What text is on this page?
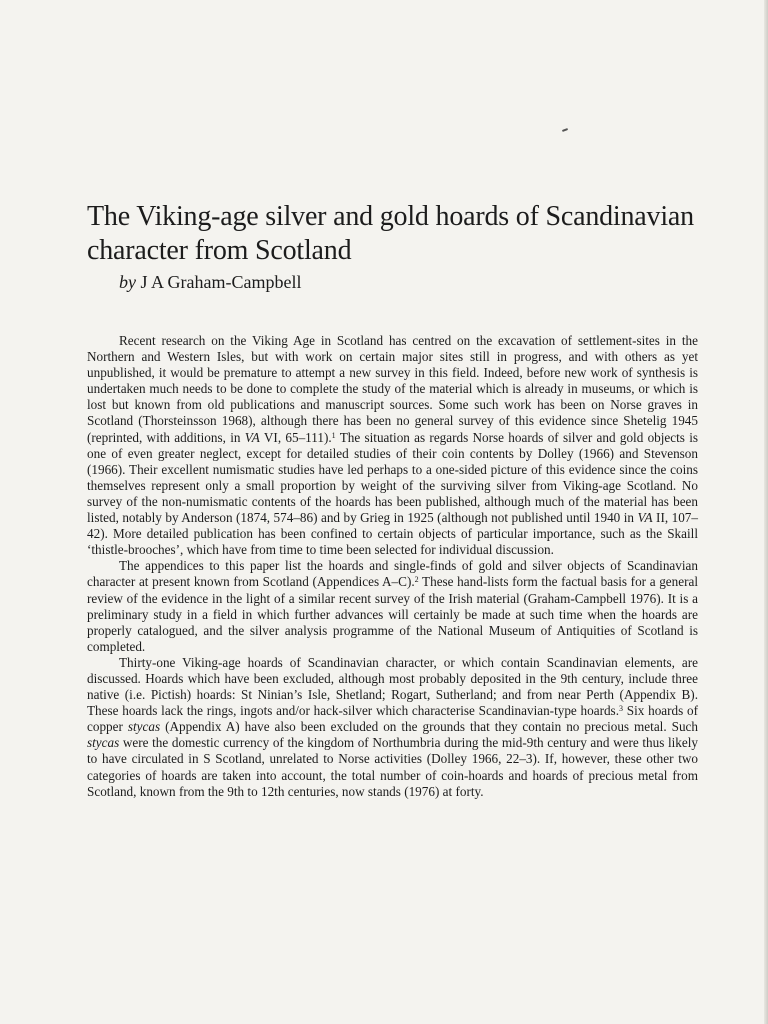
The Viking-age silver and gold hoards of Scandinavian character from Scotland

by J A Graham-Campbell

Recent research on the Viking Age in Scotland has centred on the excavation of settlement-sites in the Northern and Western Isles, but with work on certain major sites still in progress, and with others as yet unpublished, it would be premature to attempt a new survey in this field. Indeed, before new work of synthesis is undertaken much needs to be done to complete the study of the material which is already in museums, or which is lost but known from old publications and manuscript sources. Some such work has been on Norse graves in Scotland (Thorsteinsson 1968), although there has been no general survey of this evidence since Shetelig 1945 (reprinted, with additions, in VA VI, 65–111).$^1$ The situation as regards Norse hoards of silver and gold objects is one of even greater neglect, except for detailed studies of their coin contents by Dolley (1966) and Stevenson (1966). Their excellent numismatic studies have led perhaps to a one-sided picture of this evidence since the coins themselves represent only a small proportion by weight of the surviving silver from Viking-age Scotland. No survey of the non-numismatic contents of the hoards has been published, although much of the material has been listed, notably by Anderson (1874, 574–86) and by Grieg in 1925 (although not published until 1940 in VA II, 107–42). More detailed publication has been confined to certain objects of particular importance, such as the Skaill ‘thistle-brooches’, which have from time to time been selected for individual discussion.

The appendices to this paper list the hoards and single-finds of gold and silver objects of Scandinavian character at present known from Scotland (Appendices A–C).$^2$ These hand-lists form the factual basis for a general review of the evidence in the light of a similar recent survey of the Irish material (Graham-Campbell 1976). It is a preliminary study in a field in which further advances will certainly be made at such time when the hoards are properly catalogued, and the silver analysis programme of the National Museum of Antiquities of Scotland is completed.

Thirty-one Viking-age hoards of Scandinavian character, or which contain Scandinavian elements, are discussed. Hoards which have been excluded, although most probably deposited in the 9th century, include three native (i.e. Pictish) hoards: St Ninian’s Isle, Shetland; Rogart, Sutherland; and from near Perth (Appendix B). These hoards lack the rings, ingots and/or hack-silver which characterise Scandinavian-type hoards.$^3$ Six hoards of copper stycas (Appendix A) have also been excluded on the grounds that they contain no precious metal. Such stycas were the domestic currency of the kingdom of Northumbria during the mid-9th century and were thus likely to have circulated in S Scotland, unrelated to Norse activities (Dolley 1966, 22–3). If, however, these other two categories of hoards are taken into account, the total number of coin-hoards and hoards of precious metal from Scotland, known from the 9th to 12th centuries, now stands (1976) at forty.
